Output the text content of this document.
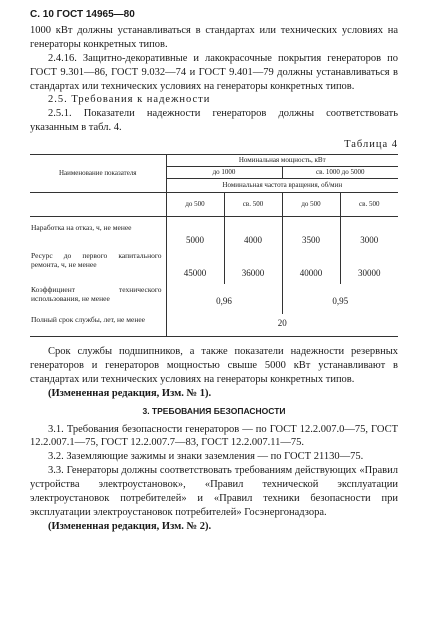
С. 10 ГОСТ 14965—80

1000 кВт должны устанавливаться в стандартах или технических условиях на генераторы конкретных типов.

2.4.16. Защитно-декоративные и лакокрасочные покрытия генераторов по ГОСТ 9.301—86, ГОСТ 9.032—74 и ГОСТ 9.401—79 должны устанавливаться в стандартах или технических условиях на генераторы конкретных типов.

2.5. Требования к надежности

2.5.1. Показатели надежности генераторов должны соответствовать указанным в табл. 4.

Таблица 4
Наименование показателя	Номинальная мощность, кВт			
	до 1000		св. 1000 до 5000	
	Номинальная частота вращения, об/мин			
	до 500	св. 500	до 500	св. 500
Наработка на отказ, ч, не менее	5000	4000	3500	3000
Ресурс до первого капитального ремонта, ч, не менее	45000	36000	40000	30000
Коэффициент технического использования, не менее	0,96		0,95	
Полный срок службы, лет, не менее	20			

Срок службы подшипников, а также показатели надежности резервных генераторов и генераторов мощностью свыше 5000 кВт устанавливают в стандартах или технических условиях на генераторы конкретных типов.

(Измененная редакция, Изм. № 1).

3. ТРЕБОВАНИЯ БЕЗОПАСНОСТИ

3.1. Требования безопасности генераторов — по ГОСТ 12.2.007.0—75, ГОСТ 12.2.007.1—75, ГОСТ 12.2.007.7—83, ГОСТ 12.2.007.11—75.

3.2. Заземляющие зажимы и знаки заземления — по ГОСТ 21130—75.

3.3. Генераторы должны соответствовать требованиям действующих «Правил устройства электроустановок», «Правил технической эксплуатации электроустановок потребителей» и «Правил техники безопасности при эксплуатации электроустановок потребителей» Госэнергонадзора.

(Измененная редакция, Изм. № 2).
